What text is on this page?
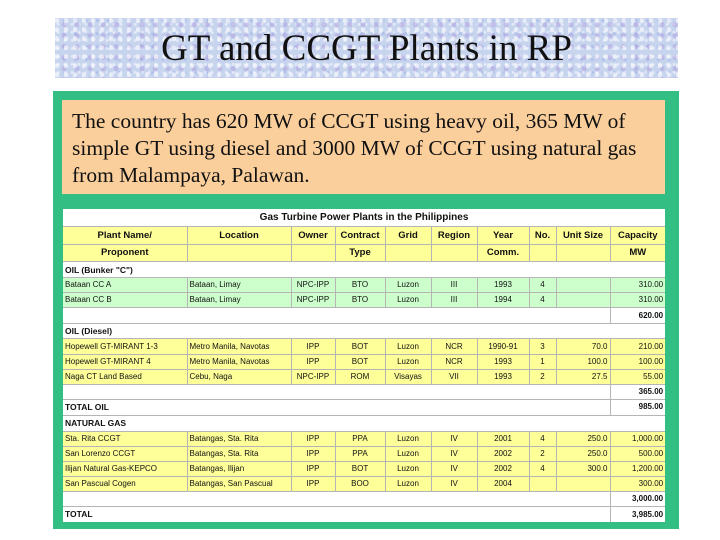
GT and CCGT Plants in RP
The country has 620 MW of CCGT using heavy oil, 365 MW of simple GT using diesel and 3000 MW of CCGT using natural gas from Malampaya, Palawan.
Gas Turbine Power Plants in the Philippines									
Plant Name/	Location	Owner	Contract	Grid	Region	Year	No.	Unit Size	Capacity
Proponent			Type			Comm.			MW
OIL (Bunker "C")									
Bataan CC A	Bataan, Limay	NPC-IPP	BTO	Luzon	III	1993	4		310.00
Bataan CC B	Bataan, Limay	NPC-IPP	BTO	Luzon	III	1994	4		310.00
									620.00
OIL (Diesel)									
Hopewell GT-MIRANT 1-3	Metro Manila, Navotas	IPP	BOT	Luzon	NCR	1990-91	3	70.0	210.00
Hopewell GT-MIRANT 4	Metro Manila, Navotas	IPP	BOT	Luzon	NCR	1993	1	100.0	100.00
Naga CT Land Based	Cebu, Naga	NPC-IPP	ROM	Visayas	VII	1993	2	27.5	55.00
									365.00
TOTAL OIL									985.00
NATURAL GAS									
Sta. Rita CCGT	Batangas, Sta. Rita	IPP	PPA	Luzon	IV	2001	4	250.0	1,000.00
San Lorenzo CCGT	Batangas, Sta. Rita	IPP	PPA	Luzon	IV	2002	2	250.0	500.00
Ilijan Natural Gas-KEPCO	Batangas, Ilijan	IPP	BOT	Luzon	IV	2002	4	300.0	1,200.00
San Pascual Cogen	Batangas, San Pascual	IPP	BOO	Luzon	IV	2004			300.00
									3,000.00
TOTAL									3,985.00
